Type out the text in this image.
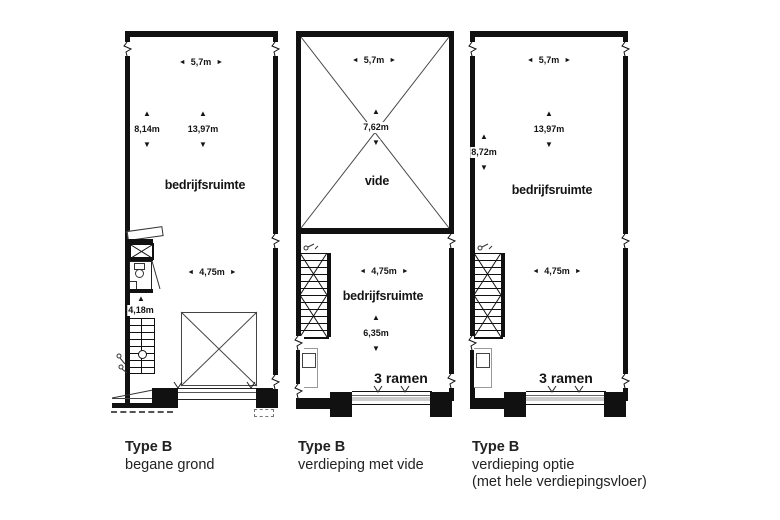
◄ 5,7m ►
▲
8,14m
▼
▲
13,97m
▼
bedrijfsruimte
◄ 4,75m ►
▲
4,18m
Type B
begane grond
◄ 5,7m ►
▲
7,62m
▼
vide
◄ 4,75m ►
bedrijfsruimte
▲
6,35m
▼
3 ramen
Type B
verdieping met vide
◄ 5,7m ►
▲
13,97m
▼
▲
8,72m
▼
bedrijfsruimte
◄ 4,75m ►
3 ramen
Type B
verdieping optie
(met hele verdiepingsvloer)
